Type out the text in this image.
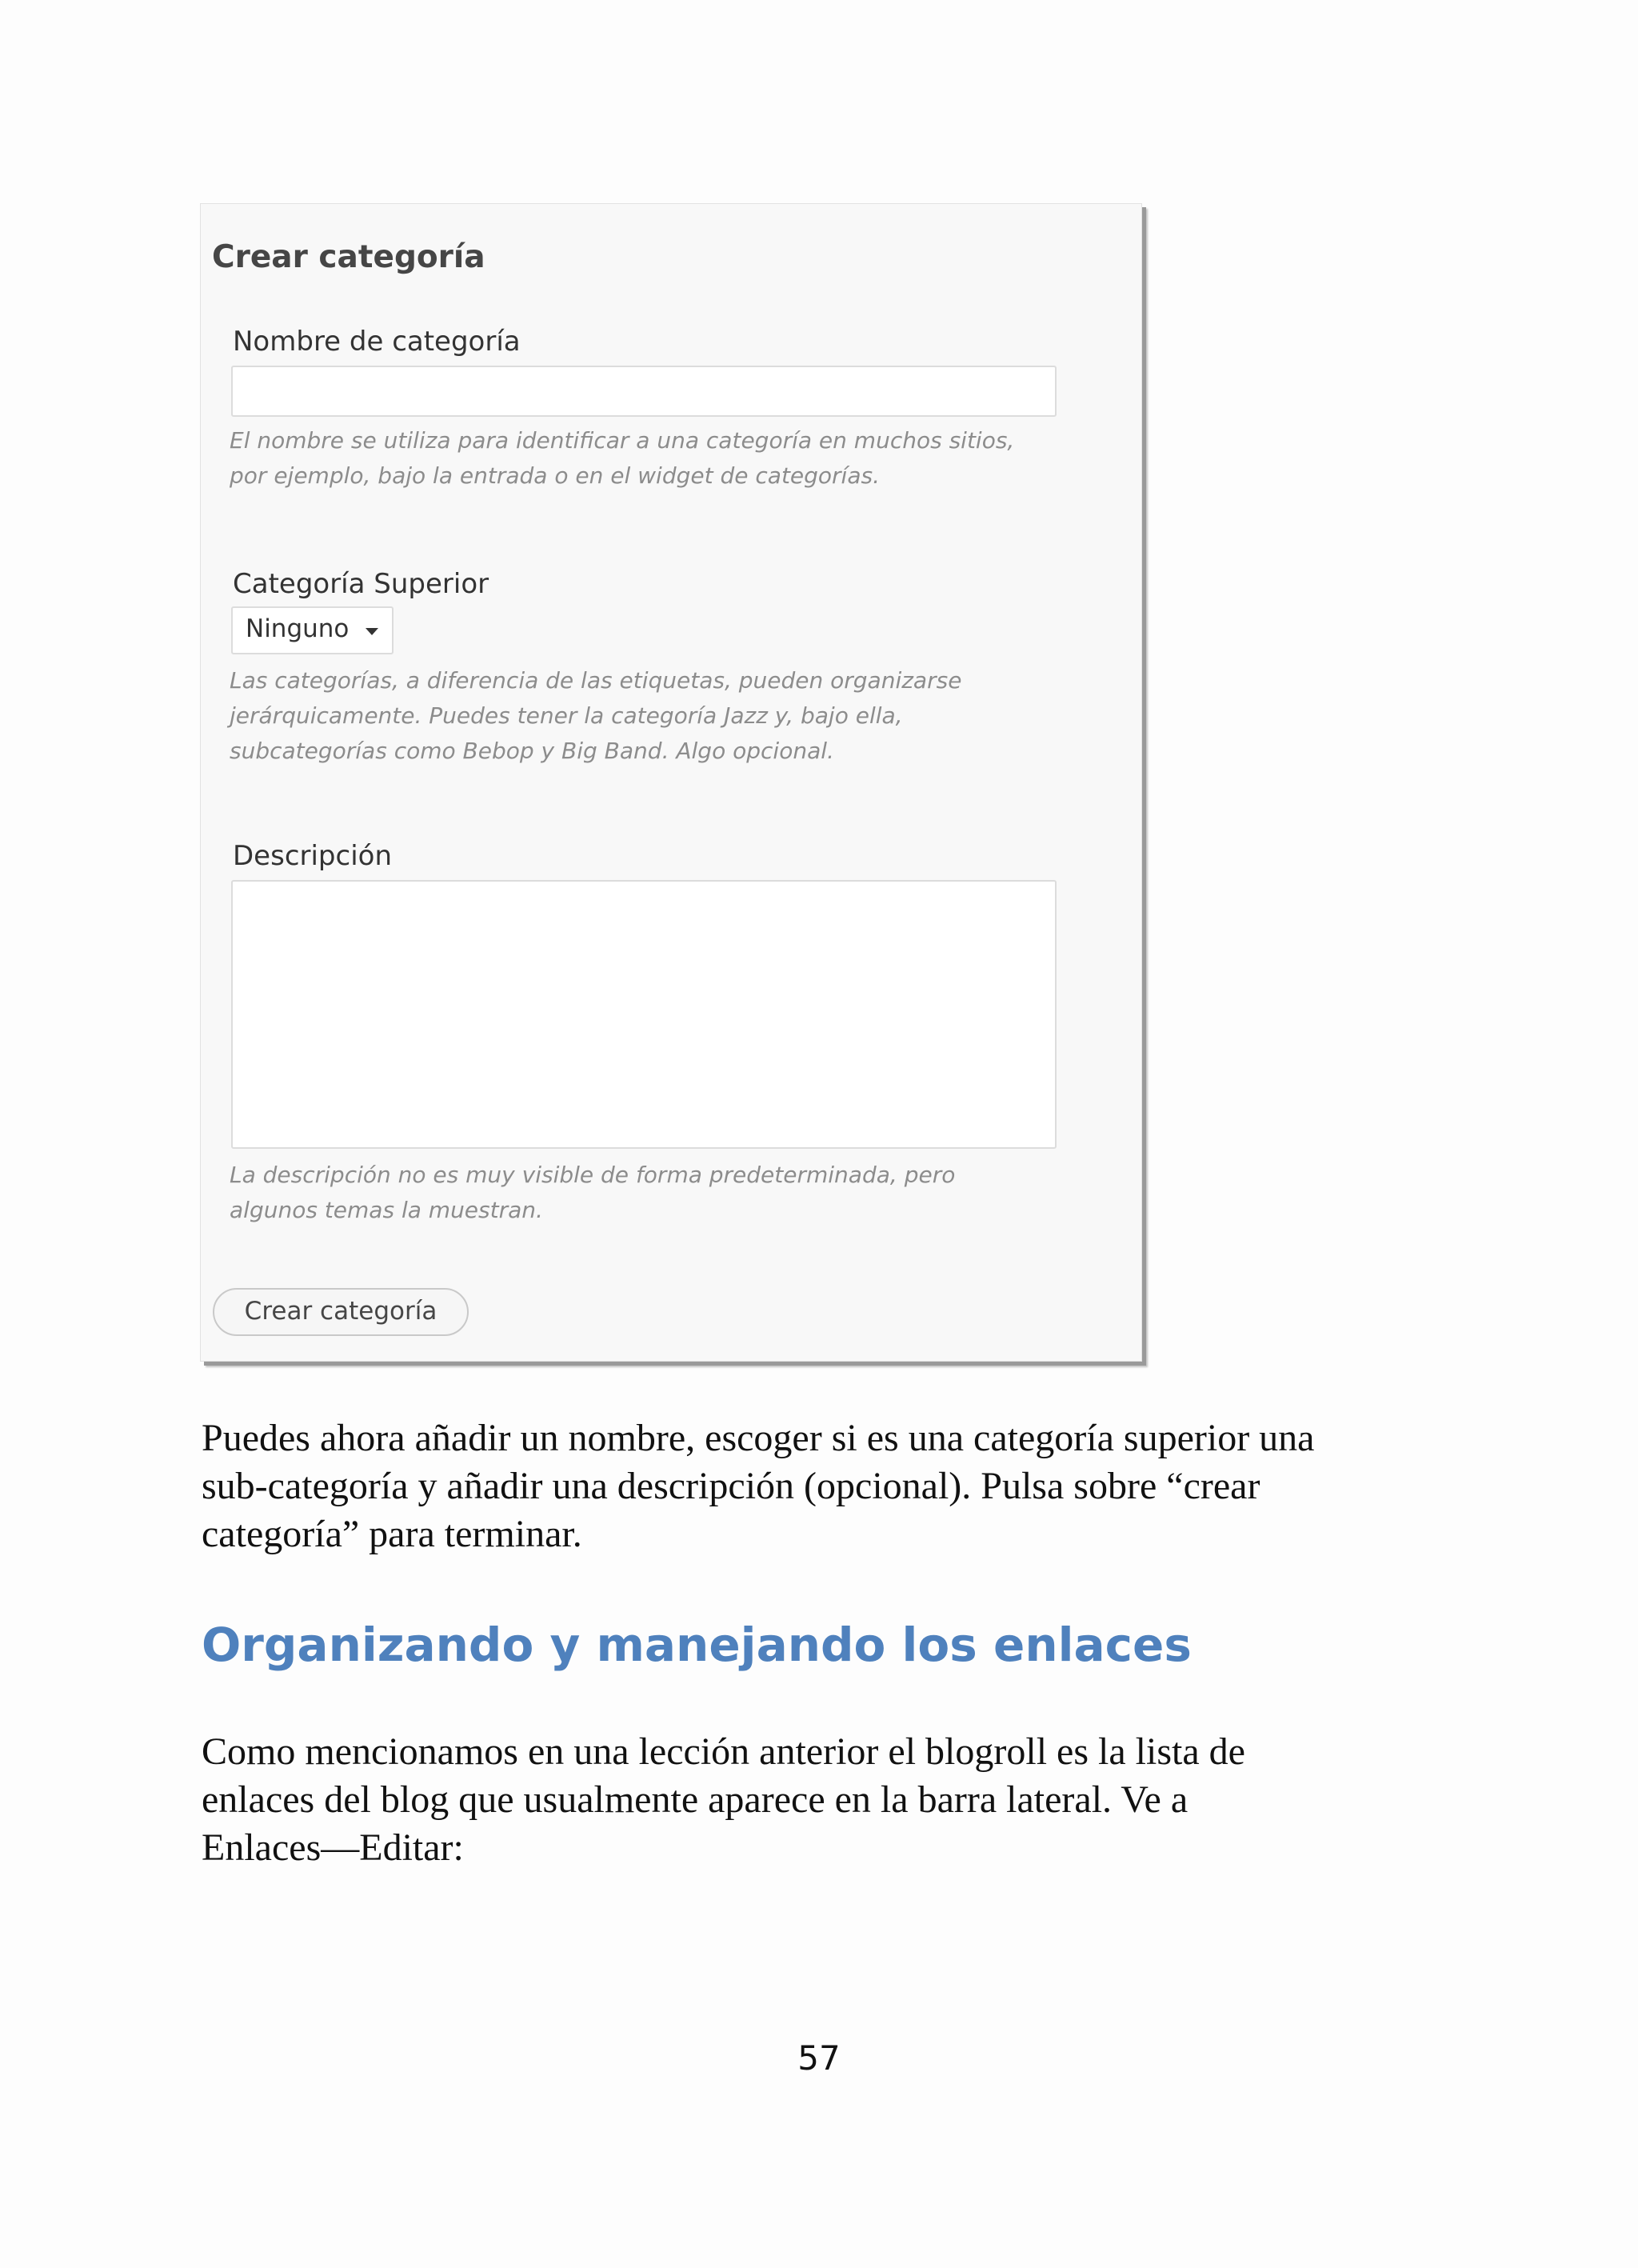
Crear categoría
Nombre de categoría
El nombre se utiliza para identificar a una categoría en muchos sitios,
por ejemplo, bajo la entrada o en el widget de categorías.
Categoría Superior
Ninguno
Las categorías, a diferencia de las etiquetas, pueden organizarse
jerárquicamente. Puedes tener la categoría Jazz y, bajo ella,
subcategorías como Bebop y Big Band. Algo opcional.
Descripción
La descripción no es muy visible de forma predeterminada, pero
algunos temas la muestran.
Crear categoría
Puedes ahora añadir un nombre, escoger si es una categoría superior una
sub-categoría y añadir una descripción (opcional). Pulsa sobre “crear
categoría” para terminar.
Organizando y manejando los enlaces
Como mencionamos en una lección anterior el blogroll es la lista de
enlaces del blog que usualmente aparece en la barra lateral. Ve a
Enlaces—Editar:
57
